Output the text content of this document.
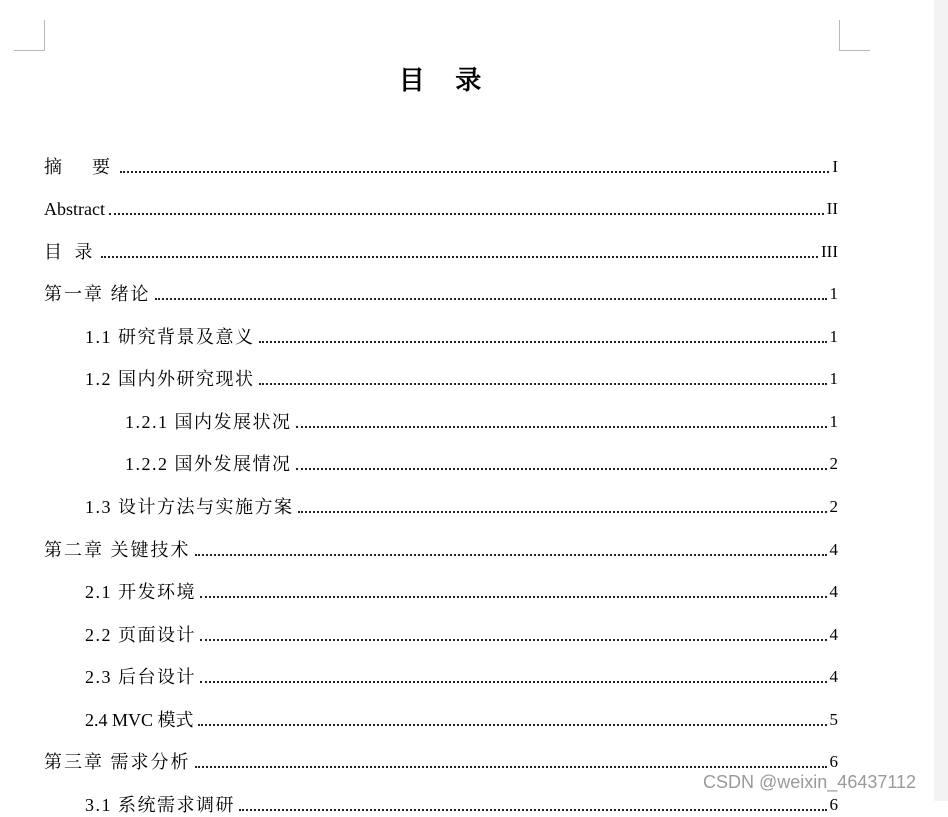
目 录
摘　要	I
Abstract	II
目 录	III
第一章 绪论	1
1.1 研究背景及意义	1
1.2 国内外研究现状	1
1.2.1 国内发展状况	1
1.2.2 国外发展情况	2
1.3 设计方法与实施方案	2
第二章 关键技术	4
2.1 开发环境	4
2.2 页面设计	4
2.3 后台设计	4
2.4 MVC 模式	5
第三章 需求分析	6
3.1 系统需求调研	6
CSDN @weixin_46437112
